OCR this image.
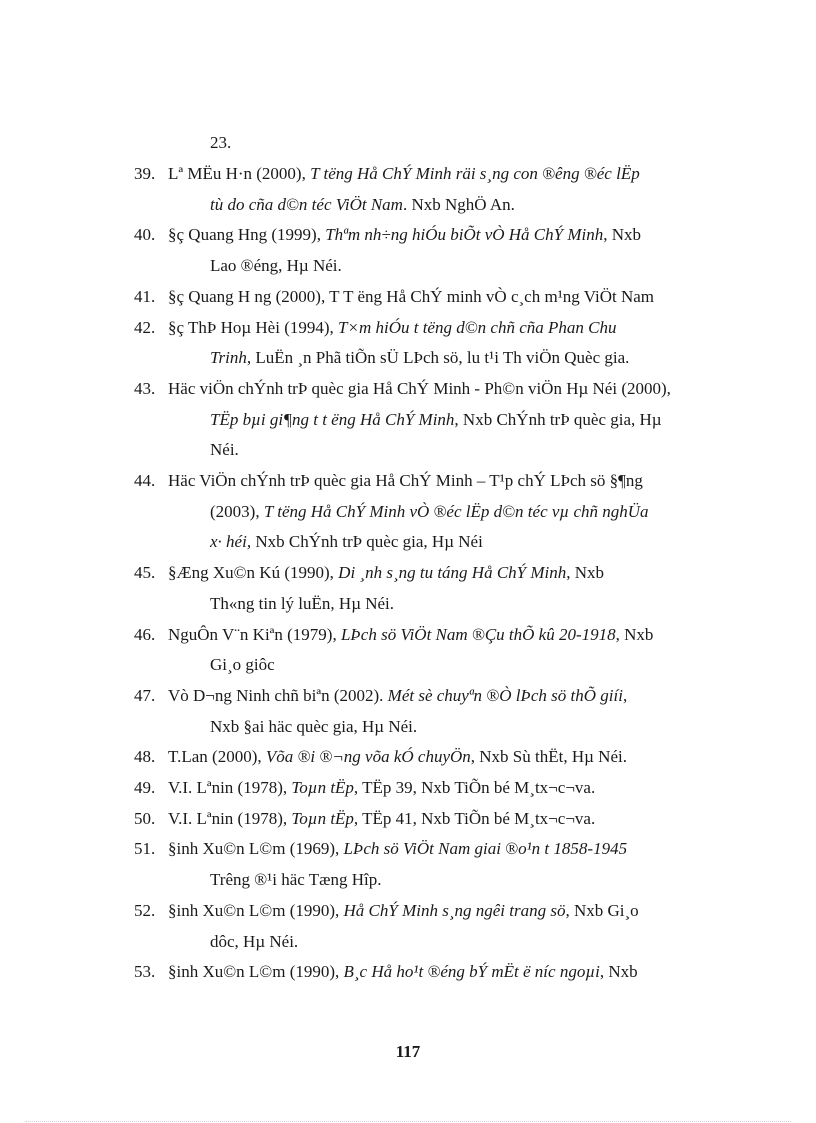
23.
39. Lª MËu H·n (2000), T tëng Hå ChÝ Minh räi s¸ng con ®êng ®éc lËp
tù do cña d©n téc ViÖt Nam. Nxb NghÖ An.
40. §ç Quang Hng (1999), Thªm nh÷ng hiÓu biÕt vÒ Hå ChÝ Minh, Nxb
Lao ®éng, Hµ Néi.
41. §ç Quang H ng (2000), T T ëng Hå ChÝ minh vÒ c¸ch m¹ng ViÖt Nam
42. §ç ThÞ Hoµ Hèi (1994), T×m hiÓu t tëng d©n chñ cña Phan Chu
Trinh, LuËn ¸n Phã tiÕn sÜ LÞch sö, lu t¹i Th viÖn Quèc gia.
43. Häc viÖn chÝnh trÞ quèc gia Hå ChÝ Minh - Ph©n viÖn Hµ Néi (2000),
TËp bµi gi¶ng t t ëng Hå ChÝ Minh, Nxb ChÝnh trÞ quèc gia, Hµ
Néi.
44. Häc ViÖn chÝnh trÞ quèc gia Hå ChÝ Minh – T¹p chÝ LÞch sö §¶ng
(2003), T tëng Hå ChÝ Minh vÒ ®éc lËp d©n téc vµ chñ nghÜa
x· héi, Nxb ChÝnh trÞ quèc gia, Hµ Néi
45. §Æng Xu©n Kú (1990), Di ¸nh s¸ng tu táng Hå ChÝ Minh, Nxb
Th«ng tin lý luËn, Hµ Néi.
46. NguÔn V¨n Kiªn (1979), LÞch sö ViÖt Nam ®Çu thÕ kû 20-1918, Nxb
Gi¸o giôc
47. Vò D¬ng Ninh chñ biªn (2002). Mét sè chuyªn ®Ò lÞch sö thÕ giíi,
Nxb §ai häc quèc gia, Hµ Néi.
48. T.Lan (2000), Võa ®i ®¬ng võa kÓ chuyÖn, Nxb Sù thËt, Hµ Néi.
49. V.I. Lªnin (1978), Toµn tËp, TËp 39, Nxb TiÕn bé M¸tx¬c¬va.
50. V.I. Lªnin (1978), Toµn tËp, TËp 41, Nxb TiÕn bé M¸tx¬c¬va.
51. §inh Xu©n L©m (1969), LÞch sö ViÖt Nam giai ®o¹n t 1858-1945
Trêng ®¹i häc Tæng Hîp.
52. §inh Xu©n L©m (1990), Hå ChÝ Minh s¸ng ngêi trang sö, Nxb Gi¸o
dôc, Hµ Néi.
53. §inh Xu©n L©m (1990), B¸c Hå ho¹t ®éng bÝ mËt ë níc ngoµi, Nxb
117
